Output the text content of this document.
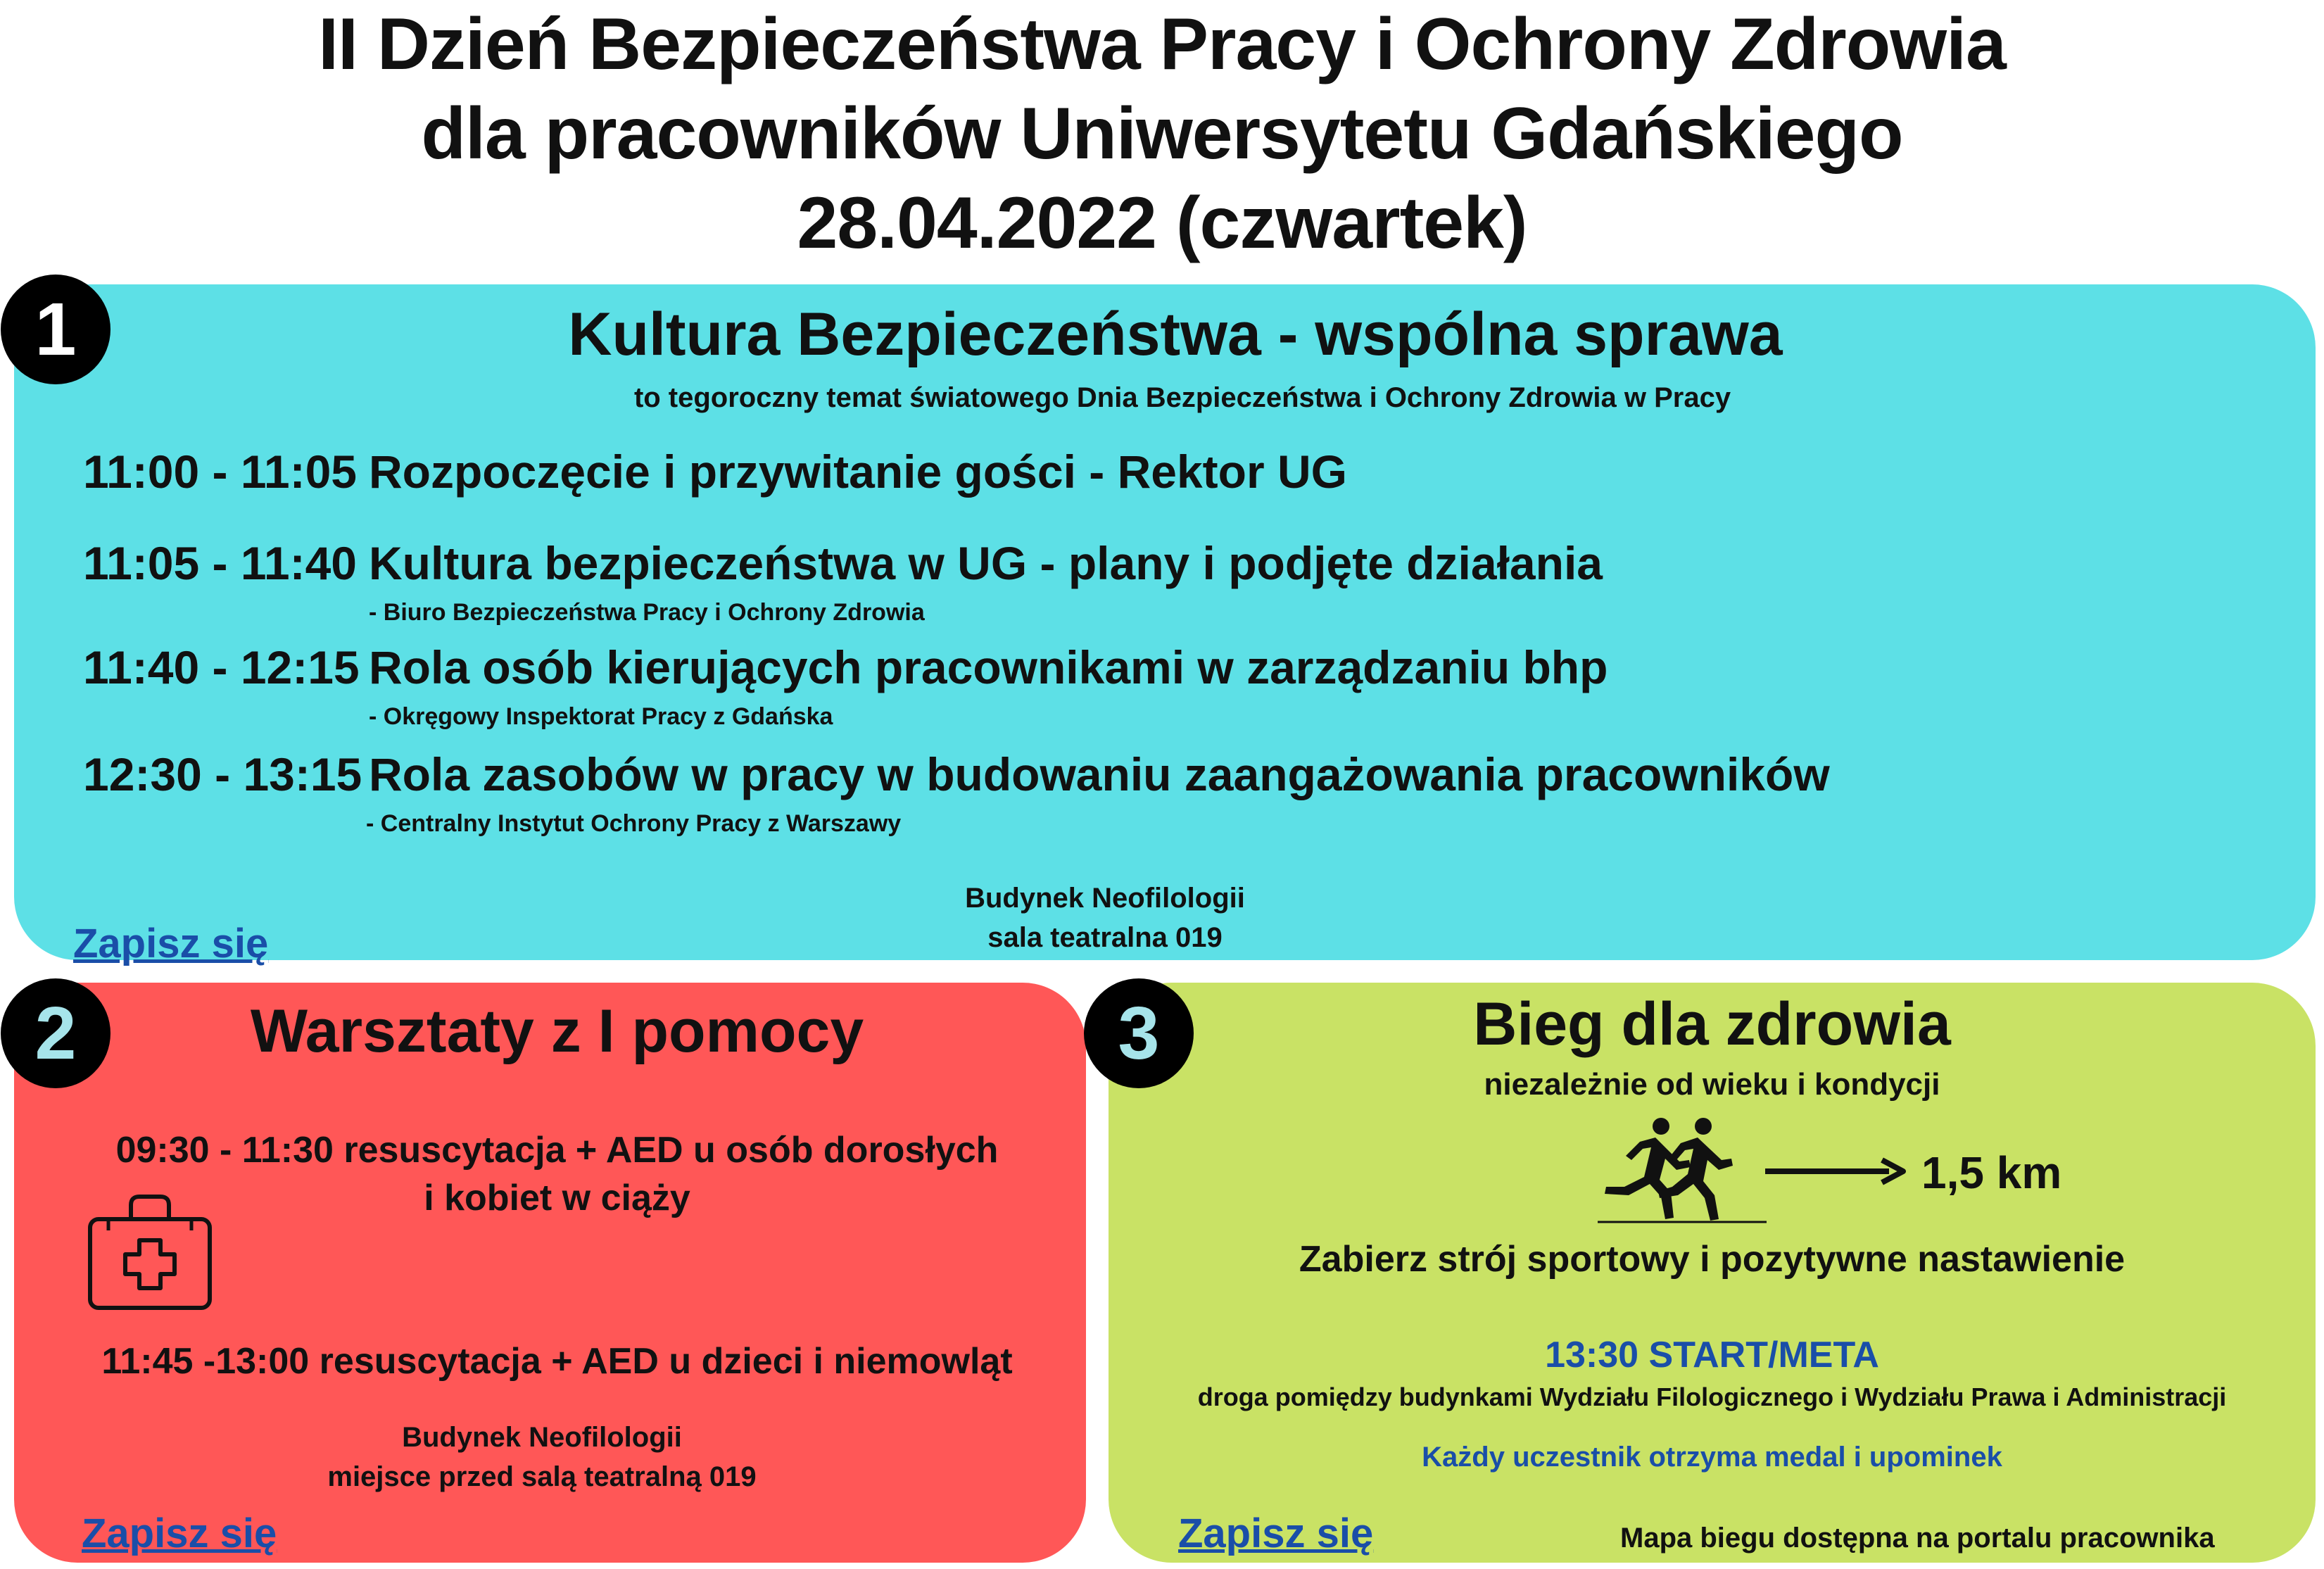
II Dzień Bezpieczeństwa Pracy i Ochrony Zdrowia
dla pracowników Uniwersytetu Gdańskiego
28.04.2022 (czwartek)
1	Kultura Bezpieczeństwa - wspólna sprawa
to tegoroczny temat światowego Dnia Bezpieczeństwa i Ochrony Zdrowia w Pracy
11:00 - 11:05 Rozpoczęcie i przywitanie gości - Rektor UG
11:05 - 11:40 Kultura bezpieczeństwa w UG - plany i podjęte działania
- Biuro Bezpieczeństwa Pracy i Ochrony Zdrowia
11:40 - 12:15 Rola osób kierujących pracownikami w zarządzaniu bhp
- Okręgowy Inspektorat Pracy z Gdańska
12:30 - 13:15 Rola zasobów w pracy w budowaniu zaangażowania pracowników
- Centralny Instytut Ochrony Pracy z Warszawy
Budynek Neofilologii
sala teatralna 019
Zapisz się
2	Warsztaty z I pomocy
09:30 - 11:30 resuscytacja + AED u osób dorosłych
i kobiet w ciąży
11:45 -13:00 resuscytacja + AED u dzieci i niemowląt
Budynek Neofilologii
miejsce przed salą teatralną 019
Zapisz się
3	Bieg dla zdrowia
niezależnie od wieku i kondycji
1,5 km
Zabierz strój sportowy i pozytywne nastawienie
13:30 START/META
droga pomiędzy budynkami Wydziału Filologicznego i Wydziału Prawa i Administracji
Każdy uczestnik otrzyma medal i upominek
Zapisz się	Mapa biegu dostępna na portalu pracownika
